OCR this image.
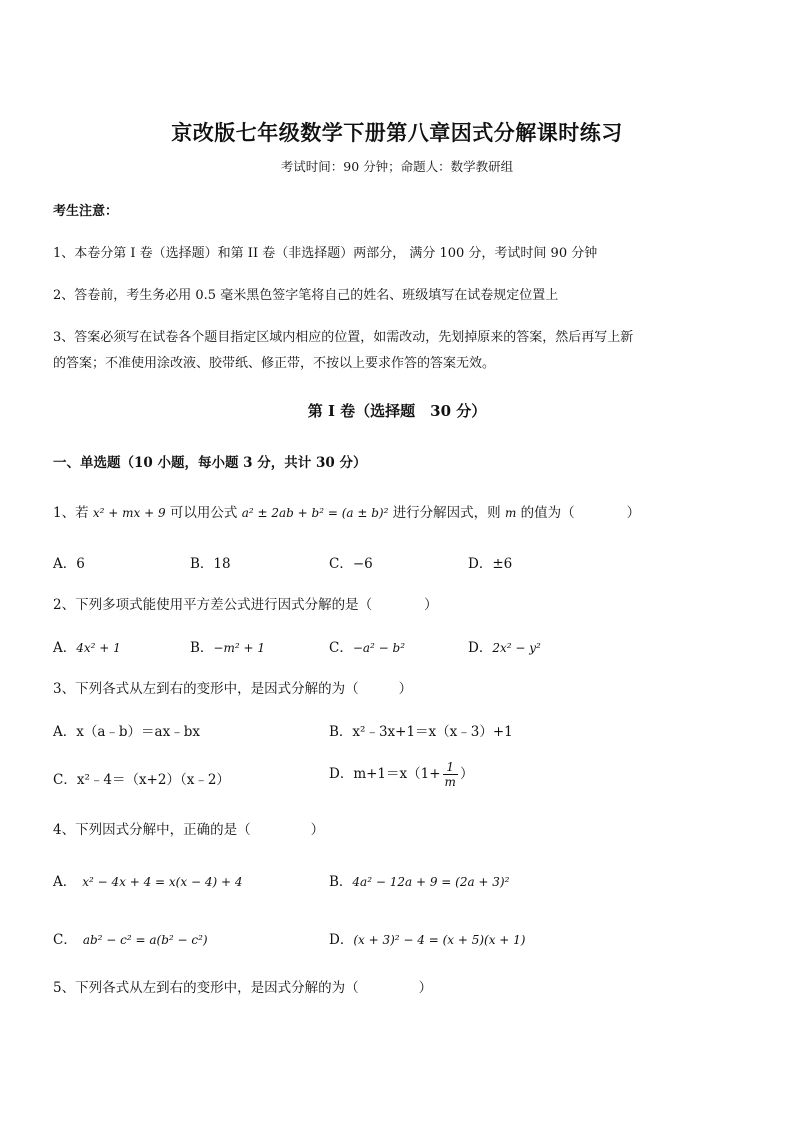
京改版七年级数学下册第八章因式分解课时练习
考试时间：90 分钟；命题人：数学教研组
考生注意：
1、本卷分第 I 卷（选择题）和第 II 卷（非选择题）两部分， 满分 100 分，考试时间 90 分钟
2、答卷前，考生务必用 0.5 毫米黑色签字笔将自己的姓名、班级填写在试卷规定位置上
3、答案必须写在试卷各个题目指定区域内相应的位置，如需改动，先划掉原来的答案，然后再写上新
的答案；不准使用涂改液、胶带纸、修正带，不按以上要求作答的答案无效。
第 I 卷（选择题　30 分）
一、单选题（10 小题，每小题 3 分，共计 30 分）
1、若 x² + mx + 9 可以用公式 a² ± 2ab + b² = (a ± b)² 进行分解因式，则 m 的值为（	）
A．6	B．18	C．−6	D．±6
2、下列多项式能使用平方差公式进行因式分解的是（	）
A．4x² + 1	B．−m² + 1	C．−a² − b²	D．2x² − y²
3、下列各式从左到右的变形中，是因式分解的为（	）
A．x（a﹣b）＝ax﹣bx	B．x²﹣3x+1＝x（x﹣3）+1
C．x²﹣4＝（x+2）（x﹣2）	D．$m+1=x(1+ \frac{1}{m}$ ）
4、下列因式分解中，正确的是（	）
A． x² − 4x + 4 = x(x − 4) + 4	B．4a² − 12a + 9 = (2a + 3)²
C． ab² − c² = a(b² − c²)	D．(x + 3)² − 4 = (x + 5)(x + 1)
5、下列各式从左到右的变形中，是因式分解的为（	）
